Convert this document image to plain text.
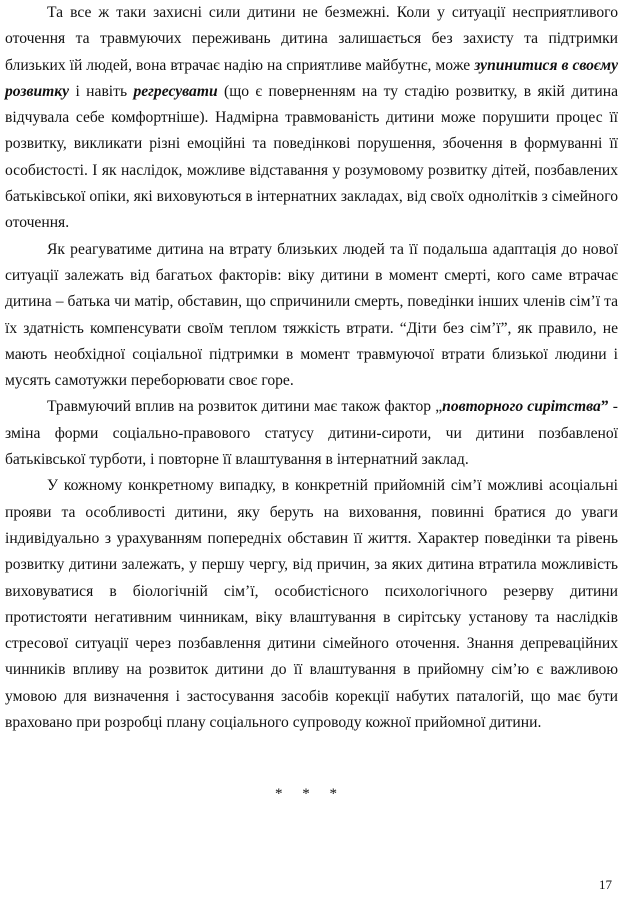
Та все ж таки захисні сили дитини не безмежні. Коли у ситуації несприятливого оточення та травмуючих переживань дитина залишається без захисту та підтримки близьких їй людей, вона втрачає надію на сприятливе майбутнє, може зупинитися в своєму розвитку і навіть регресувати (що є поверненням на ту стадію розвитку, в якій дитина відчувала себе комфортніше). Надмірна травмованість дитини може порушити процес її розвитку, викликати різні емоційні та поведінкові порушення, збочення в формуванні її особистості. І як наслідок, можливе відставання у розумовому розвитку дітей, позбавлених батьківської опіки, які виховуються в інтернатних закладах, від своїх однолітків з сімейного оточення.

Як реагуватиме дитина на втрату близьких людей та її подальша адаптація до нової ситуації залежать від багатьох факторів: віку дитини в момент смерті, кого саме втрачає дитина – батька чи матір, обставин, що спричинили смерть, поведінки інших членів сім’ї та їх здатність компенсувати своїм теплом тяжкість втрати. “Діти без сім’ї”, як правило, не мають необхідної соціальної підтримки в момент травмуючої втрати близької людини і мусять самотужки переборювати своє горе.

Травмуючий вплив на розвиток дитини має також фактор „повторного сирітства” - зміна форми соціально-правового статусу дитини-сироти, чи дитини позбавленої батьківської турботи, і повторне її влаштування в інтернатний заклад.

У кожному конкретному випадку, в конкретній прийомній сім’ї можливі асоціальні прояви та особливості дитини, яку беруть на виховання, повинні братися до уваги індивідуально з урахуванням попередніх обставин її життя. Характер поведінки та рівень розвитку дитини залежать, у першу чергу, від причин, за яких дитина втратила можливість виховуватися в біологічній сім’ї, особистісного психологічного резерву дитини протистояти негативним чинникам, віку влаштування в сирітську установу та наслідків стресової ситуації через позбавлення дитини сімейного оточення. Знання депреваційних чинників впливу на розвиток дитини до її влаштування в прийомну сім’ю є важливою умовою для визначення і застосування засобів корекції набутих паталогій, що має бути враховано при розробці плану соціального супроводу кожної прийомної дитини.

* * *
17
